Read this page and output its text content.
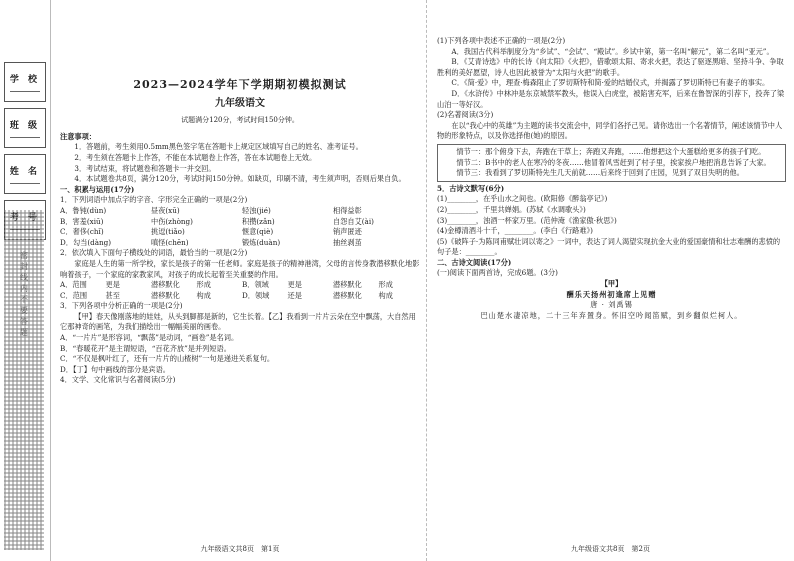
学 校
班 级
姓 名
考 号
密封线内不要答题
2023—2024学年下学期期初模拟测试
九年级语文
试题满分120分，考试时间150分钟。
注意事项：

1．答题前，考生须用0.5mm黑色签字笔在答题卡上规定区域填写自己的姓名、准考证号。

2．考生须在答题卡上作答，不能在本试题卷上作答，答在本试题卷上无效。

3．考试结束，将试题卷和答题卡一并交回。

4．本试题卷共8页，满分120分，考试时间150分钟。如缺页，印刷不清，考生须声明，否则后果自负。

一、积累与运用(17分)

1．下列词语中加点字的字音、字形完全正确的一项是(2分)

A．鲁钝(dùn)	昼夜(xū)	轻浊(jié)	相得益彰
B．害羞(xiū)	中伤(zhòng)	积攒(zǎn)	自怨自艾(ài)
C．奢侈(chǐ)	挑逗(tiǎo)	惬意(qiè)	销声匿迹
D．勾当(dàng)	嗔怪(chēn)	锻炼(duàn)	抽丝剥茧

2．依次填入下面句子横线处的词语，最恰当的一项是(2分)

家庭是人生的第一所学校，家长是孩子的第一任老师。家庭是孩子的精神港湾，父母的言传身教潜移默化地影响着孩子，一个家庭的家教家风，对孩子的成长起着至关重要的作用。

A．范围	更是	潜移默化	形成	B．领域	更是	潜移默化	形成
C．范围	甚至	潜移默化	构成	D．领域	还是	潜移默化	构成

3．下列各项中分析正确的一项是(2分)

【甲】春天像刚落地的娃娃，从头到脚都是新的，它生长着。【乙】我看到一片片云朵在空中飘荡，大自然用它那神奇的画笔，为我们描绘出一幅幅美丽的画卷。

A．“一片片”是形容词，“飘荡”是动词，“画卷”是名词。

B．“春暖花开”是主谓短语，“百花齐放”是并列短语。

C．“不仅是枫叶红了，还有一片片的山楂树”一句是递进关系复句。

D．【丁】句中画线的部分是宾语。

4．文学、文化常识与名著阅读(5分)

九年级语文共8页　第1页

(1)下列各项中表述不正确的一项是(2分)

A．我国古代科举制度分为“乡试”、“会试”、“殿试”。乡试中第，第一名叫“解元”，第二名叫“亚元”。

B．《艾青诗选》中的长诗《向太阳》《火把》，借歌颂太阳、寄求火把，表达了驱逐黑暗、坚持斗争、争取胜利的美好愿望，诗人也因此被誉为“太阳与火把”的歌手。

C．《简·爱》中，理查·梅森阻止了罗切斯特和简·爱的结婚仪式，并揭露了罗切斯特已有妻子的事实。

D．《水浒传》中林冲是东京城禁军教头，他误入白虎堂，被陷害充军，后来在鲁智深的引荐下，投奔了梁山泊一等好汉。

(2)名著阅读(3分)

在以“我心中的英雄”为主题的读书交流会中，同学们各抒己见。请你选出一个名著情节，阐述该情节中人物的形象特点，以及你选择他(她)的原因。

情节一：那个俯身下去，奔跑在干草上；奔跑又奔跑，……他想把这个大蛋糕给更多的孩子们吃。

情节二：B书中的老人在寒冷的冬夜……他冒着风雪赶到了村子里，挨家挨户地把消息告诉了大家。

情节三：我看到了罗切斯特先生几天前就……后来终于回到了庄园，见到了双目失明的他。

5．古诗文默写(6分)

(1)________，在乎山水之间也。(欧阳修《醉翁亭记》)

(2)________，千里共婵娟。(苏轼《水调歌头》)

(3)________，浊酒一杯家万里。(范仲淹《渔家傲·秋思》)

(4)金樽清酒斗十千，________。(李白《行路难》)

(5)《破阵子·为陈同甫赋壮词以寄之》一词中，表达了词人渴望实现抗金大业的爱国豪情和壮志难酬的悲愤的句子是：________。

二、古诗文阅读(17分)

(一)阅读下面两首诗，完成6题。(3分)

【甲】

酬乐天扬州初逢席上见赠

唐 · 刘禹锡

巴山楚水凄凉地，二十三年弃置身。怀旧空吟闻笛赋，到乡翻似烂柯人。

九年级语文共8页　第2页
